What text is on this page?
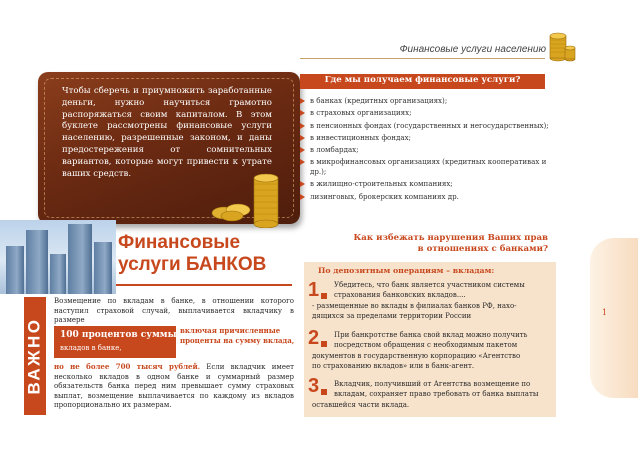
Финансовые услуги населению
Чтобы сберечь и приумножить заработанные деньги, нужно научиться грамотно распоряжаться своим капиталом. В этом буклете рассмотрены финансовые услуги населению, разрешенные законом, и даны предостережения от сомнительных вариантов, которые могут привести к утрате ваших средств.
Где мы получаем финансовые услуги?
в банках (кредитных организациях);
в страховых организациях;
в пенсионных фондах (государственных и негосударственных);
в инвестиционных фондах;
в ломбардах;
в микрофинансовых организациях (кредитных кооперативах и др.);
в жилищно-строительных компаниях;
лизинговых, брокерских компаниях др.
Финансовые
услуги БАНКОВ
ВАЖНО
Возмещение по вкладам в банке, в отношении которого наступил страховой случай, выплачивается вкладчику в размере
100 процентов суммы
вкладов в банке,
включая причисленные проценты на сумму вклада,
но не более 700 тысяч рублей. Если вкладчик имеет несколько вкладов в одном банке и суммарный размер обязательств банка перед ним превышает сумму страховых выплат, возмещение выплачивается по каждому из вкладов пропорционально их размерам.
Как избежать нарушения Ваших прав
в отношениях с банками?
По депозитным операциям – вкладам:
1 Убедитесь, что банк является участником системы
страхования банковских вкладов....
- размещенные во вклады в филиалах банков РФ, нахо-
дящихся за пределами территории России
2 При банкротстве банка свой вклад можно получить
посредством обращения с необходимым пакетом
документов в государственную корпорацию «Агентство
по страхованию вкладов» или в банк-агент.
3 Вкладчик, получивший от Агентства возмещение по
вкладам, сохраняет право требовать от банка выплаты
оставшейся части вклада.
1
